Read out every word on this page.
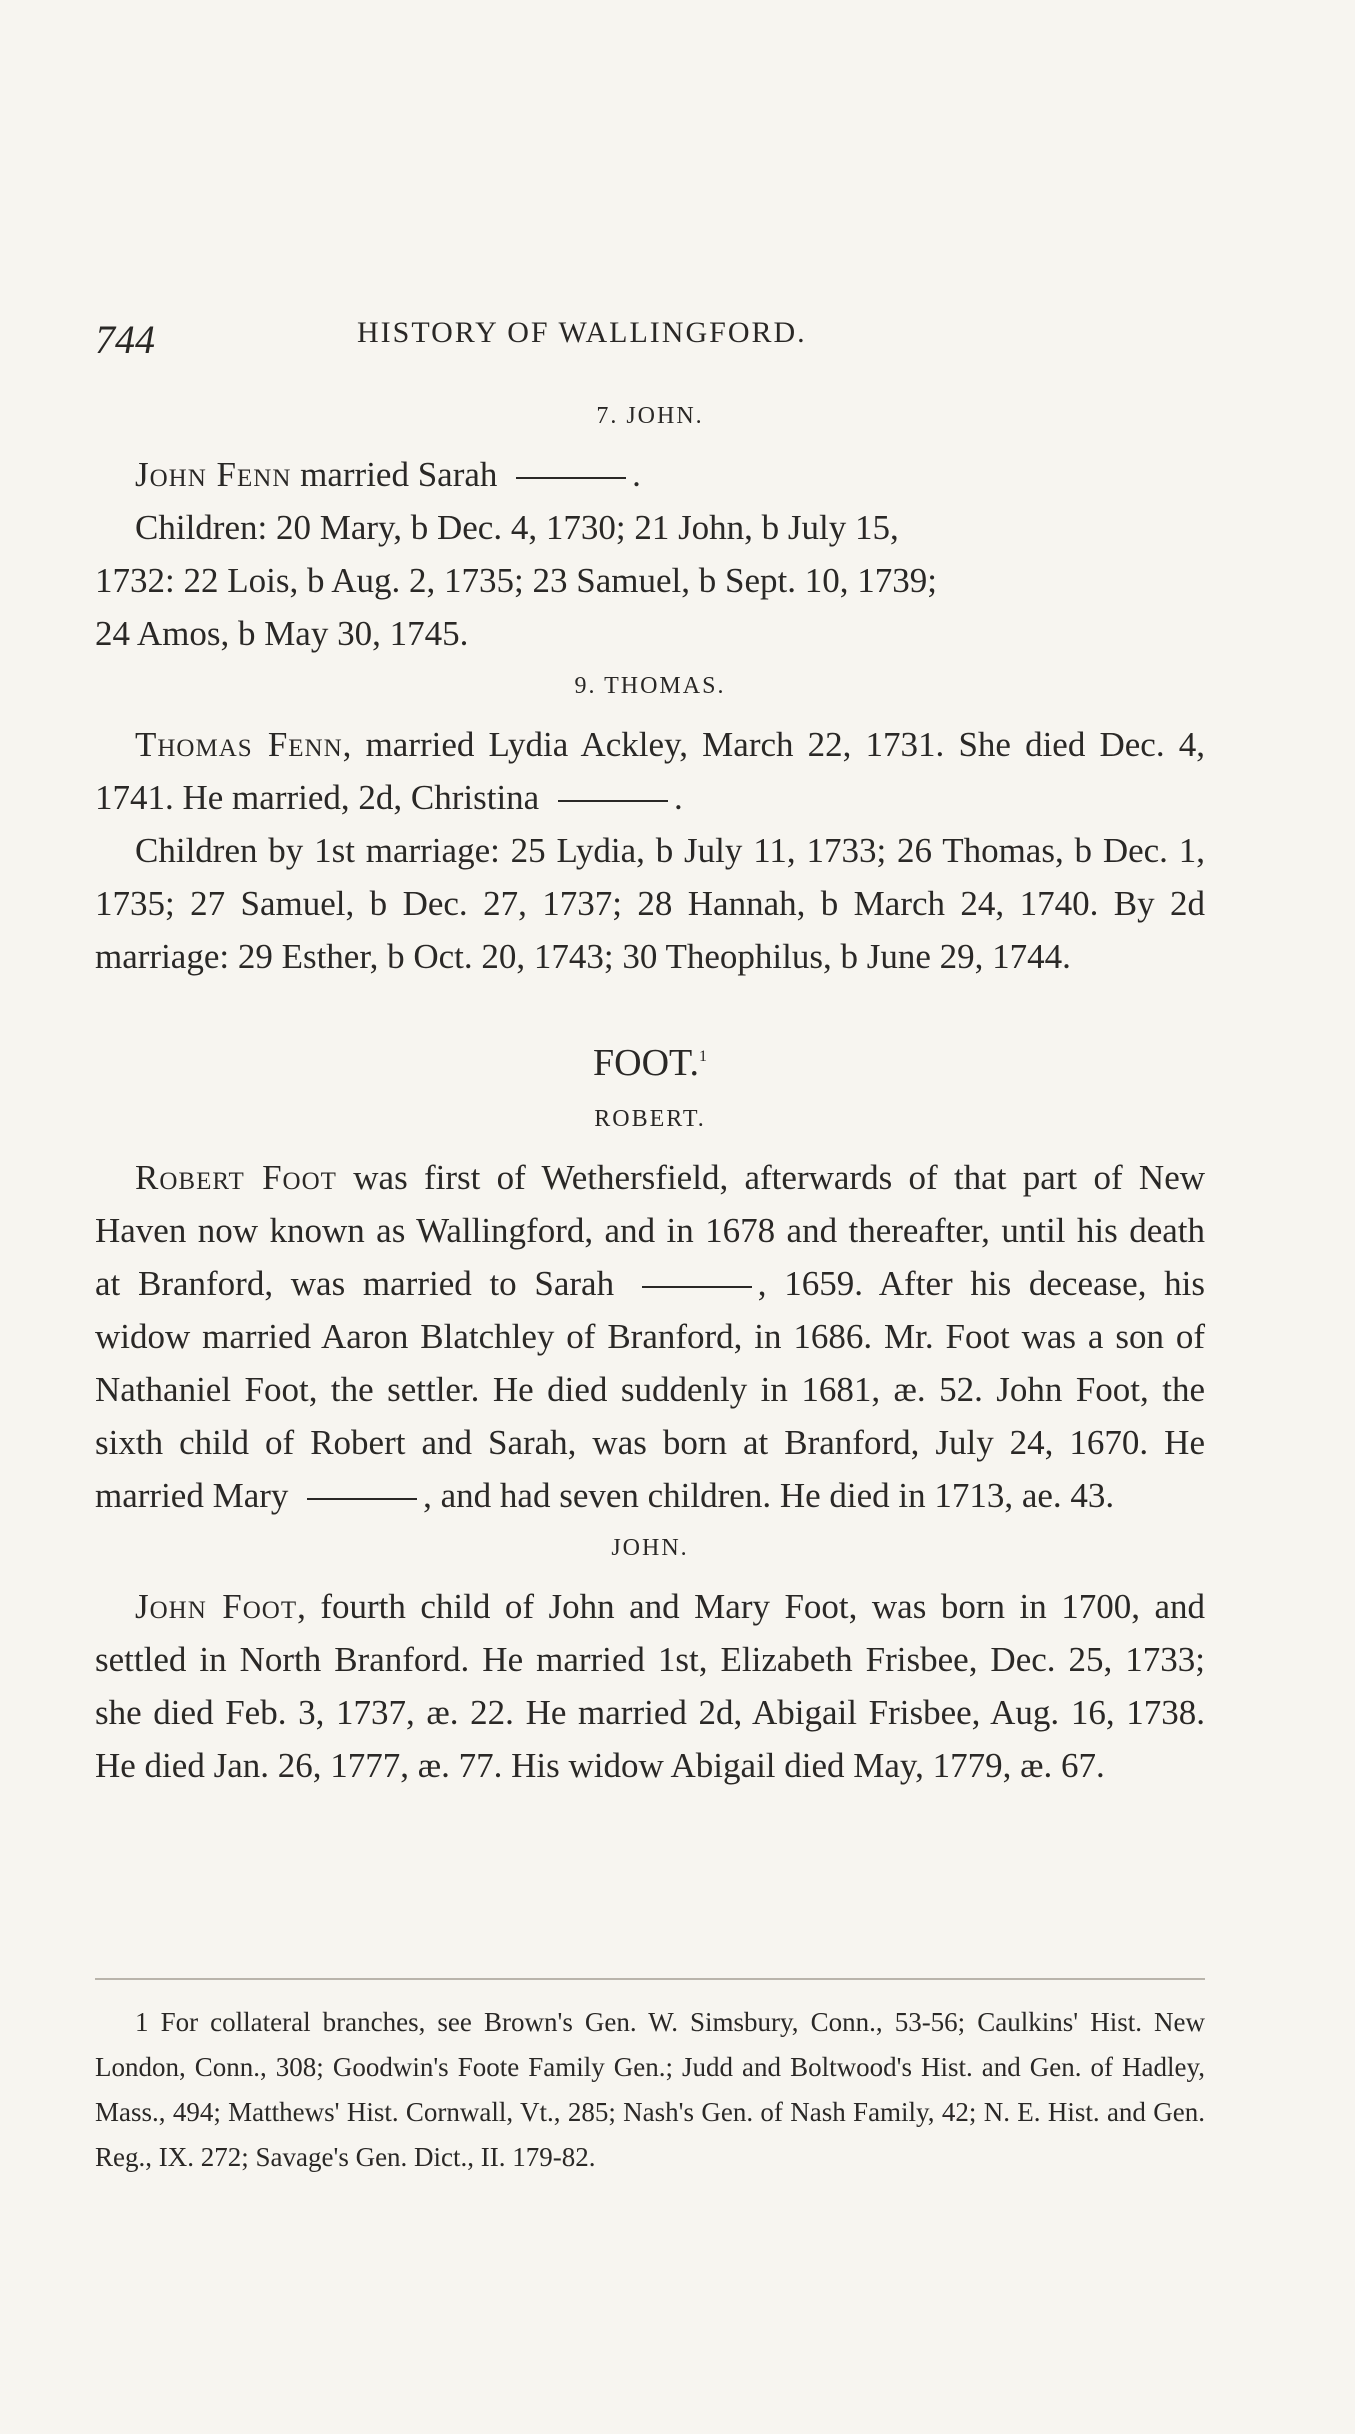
744	HISTORY OF WALLINGFORD.
7. JOHN.
John Fenn married Sarah	.
Children: 20 Mary, b Dec. 4, 1730; 21 John, b July 15,
1732: 22 Lois, b Aug. 2, 1735; 23 Samuel, b Sept. 10, 1739;
24 Amos, b May 30, 1745.
9. THOMAS.
Thomas Fenn, married Lydia Ackley, March 22, 1731. She died Dec. 4, 1741. He married, 2d, Christina	.
Children by 1st marriage: 25 Lydia, b July 11, 1733; 26 Thomas, b Dec. 1, 1735; 27 Samuel, b Dec. 27, 1737; 28 Hannah, b March 24, 1740. By 2d marriage: 29 Esther, b Oct. 20, 1743; 30 Theophilus, b June 29, 1744.
FOOT.$^1$
ROBERT.
Robert Foot was first of Wethersfield, afterwards of that part of New Haven now known as Wallingford, and in 1678 and thereafter, until his death at Branford, was married to Sarah	, 1659. After his decease, his widow married Aaron Blatchley of Branford, in 1686. Mr. Foot was a son of Nathaniel Foot, the settler. He died suddenly in 1681, æ. 52. John Foot, the sixth child of Robert and Sarah, was born at Branford, July 24, 1670. He married Mary	, and had seven children. He died in 1713, ae. 43.
JOHN.
John Foot, fourth child of John and Mary Foot, was born in 1700, and settled in North Branford. He married 1st, Elizabeth Frisbee, Dec. 25, 1733; she died Feb. 3, 1737, æ. 22. He married 2d, Abigail Frisbee, Aug. 16, 1738. He died Jan. 26, 1777, æ. 77. His widow Abigail died May, 1779, æ. 67.
1 For collateral branches, see Brown's Gen. W. Simsbury, Conn., 53-56; Caulkins' Hist. New London, Conn., 308; Goodwin's Foote Family Gen.; Judd and Boltwood's Hist. and Gen. of Hadley, Mass., 494; Matthews' Hist. Cornwall, Vt., 285; Nash's Gen. of Nash Family, 42; N. E. Hist. and Gen. Reg., IX. 272; Savage's Gen. Dict., II. 179-82.
